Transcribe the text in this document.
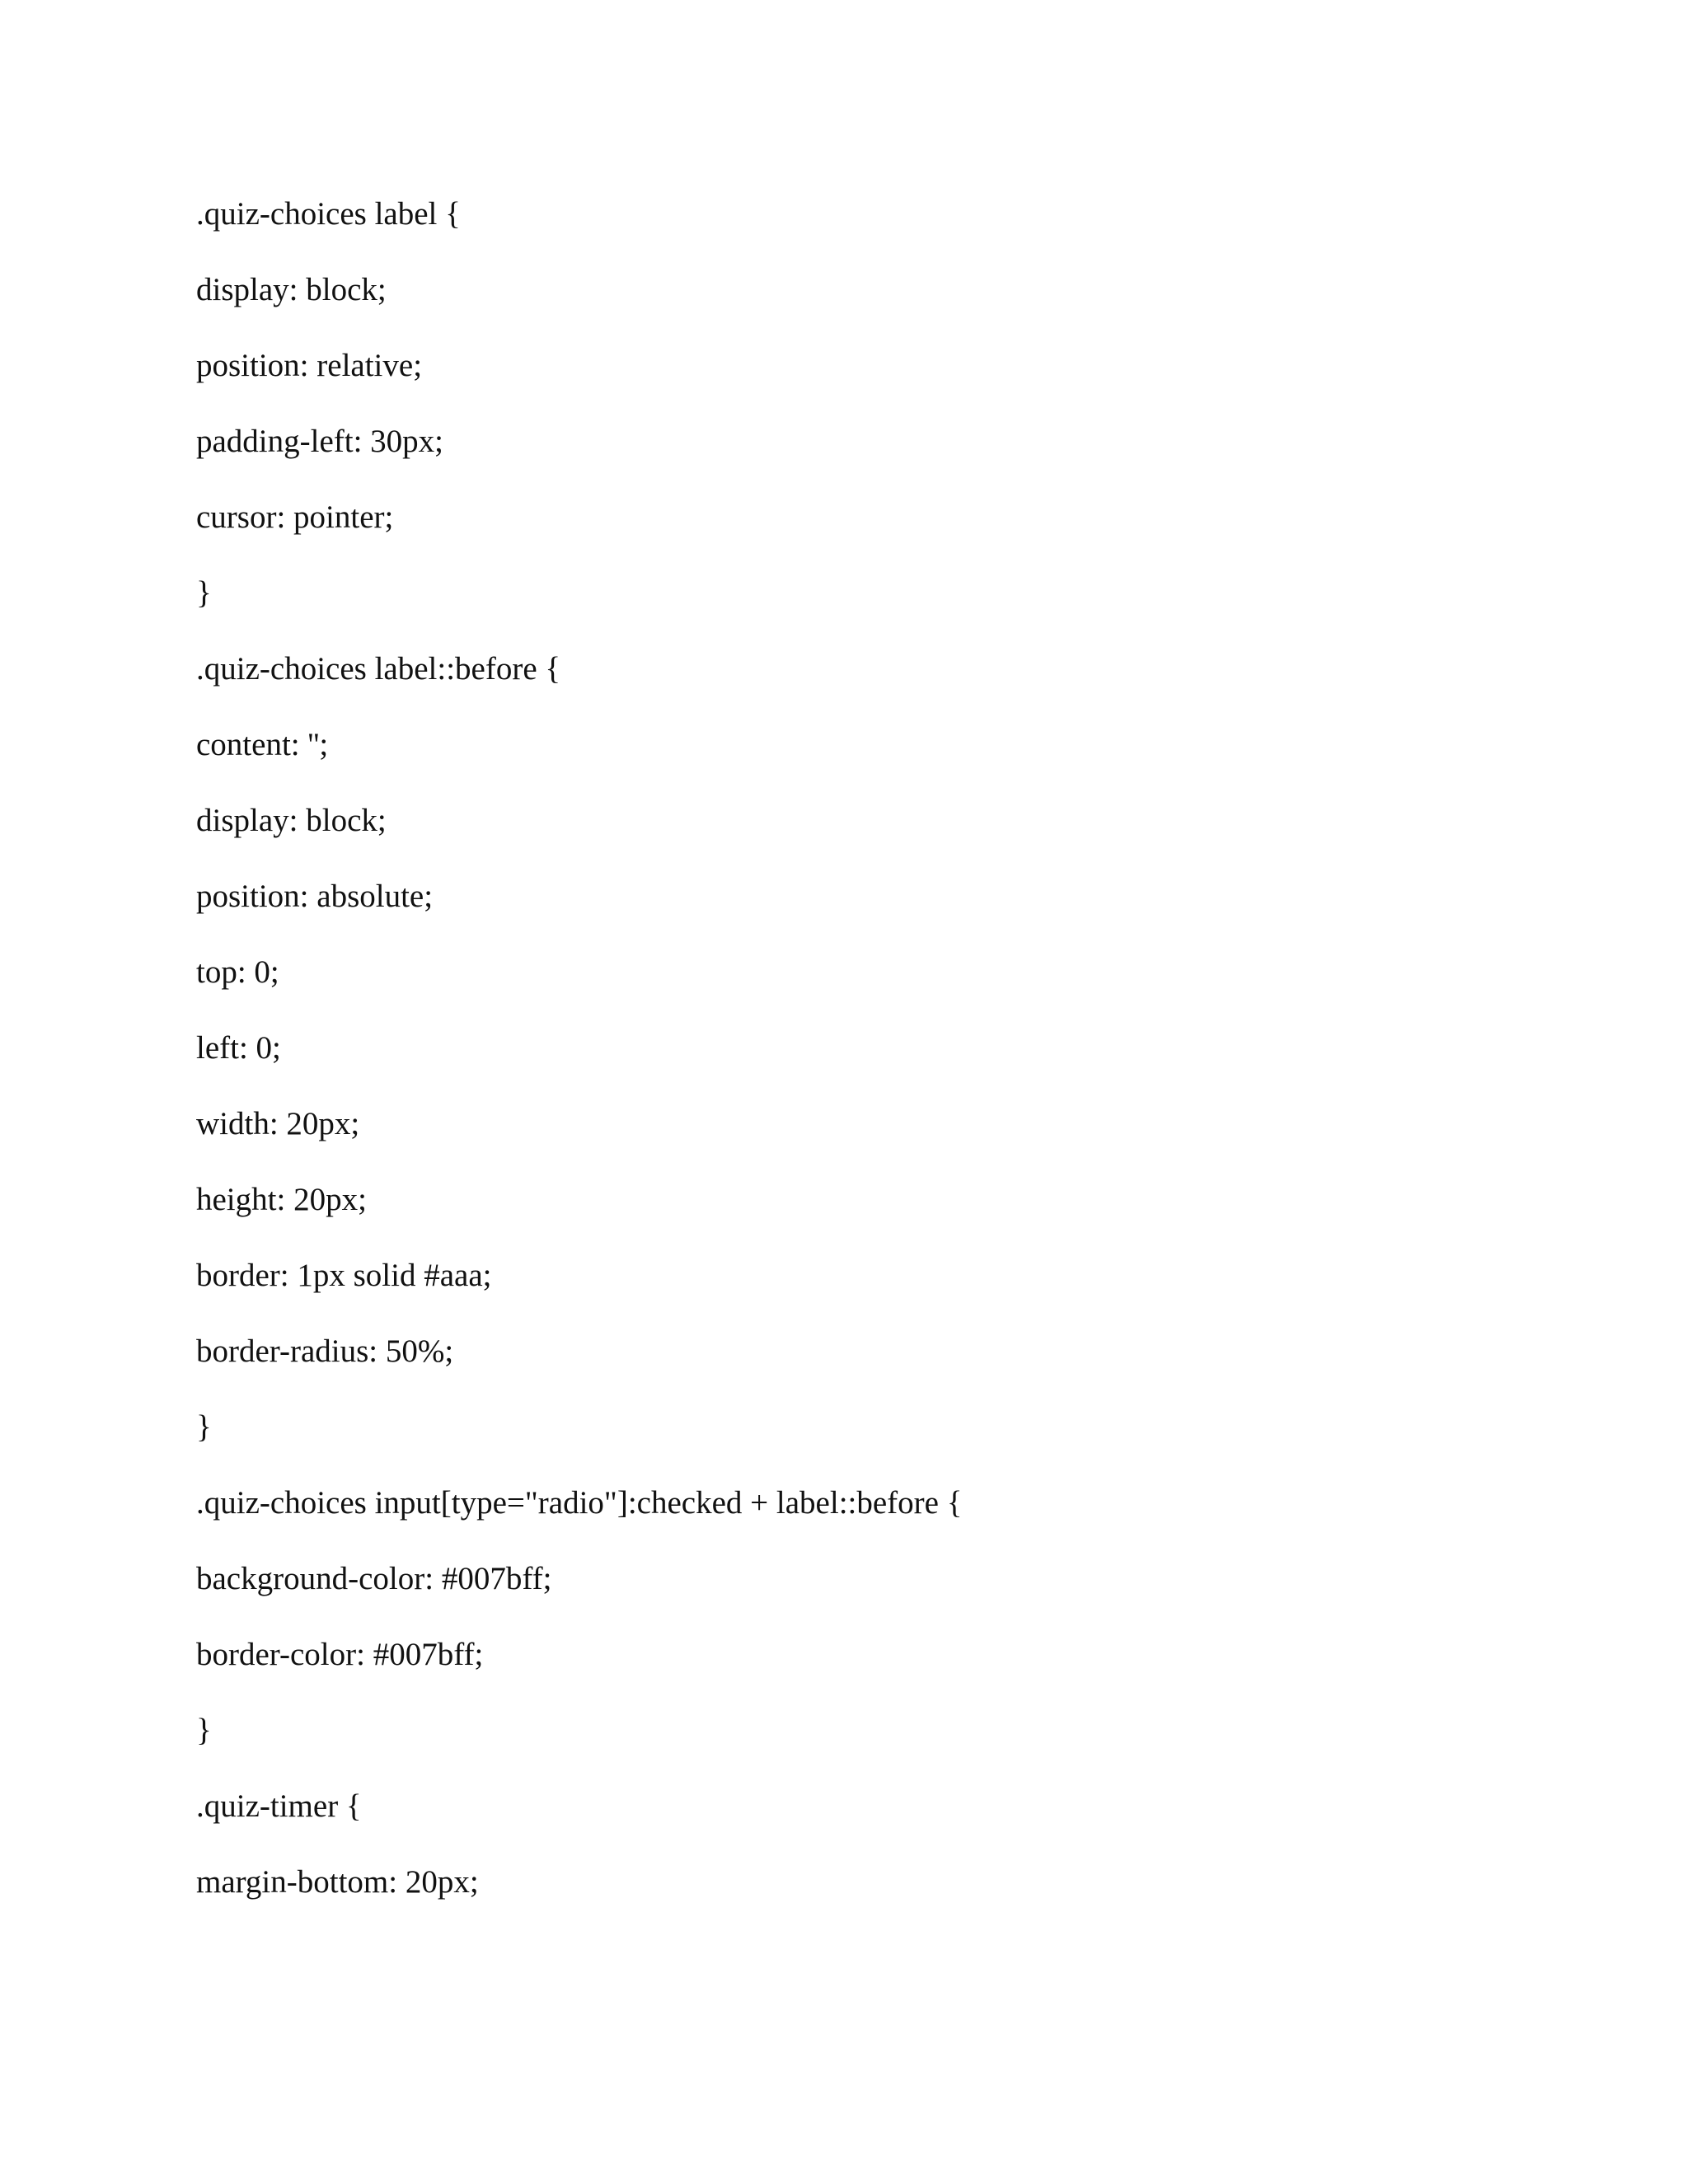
.quiz-choices label {
display: block;
position: relative;
padding-left: 30px;
cursor: pointer;
}
.quiz-choices label::before {
content: '';
display: block;
position: absolute;
top: 0;
left: 0;
width: 20px;
height: 20px;
border: 1px solid #aaa;
border-radius: 50%;
}
.quiz-choices input[type="radio"]:checked + label::before {
background-color: #007bff;
border-color: #007bff;
}
.quiz-timer {
margin-bottom: 20px;
